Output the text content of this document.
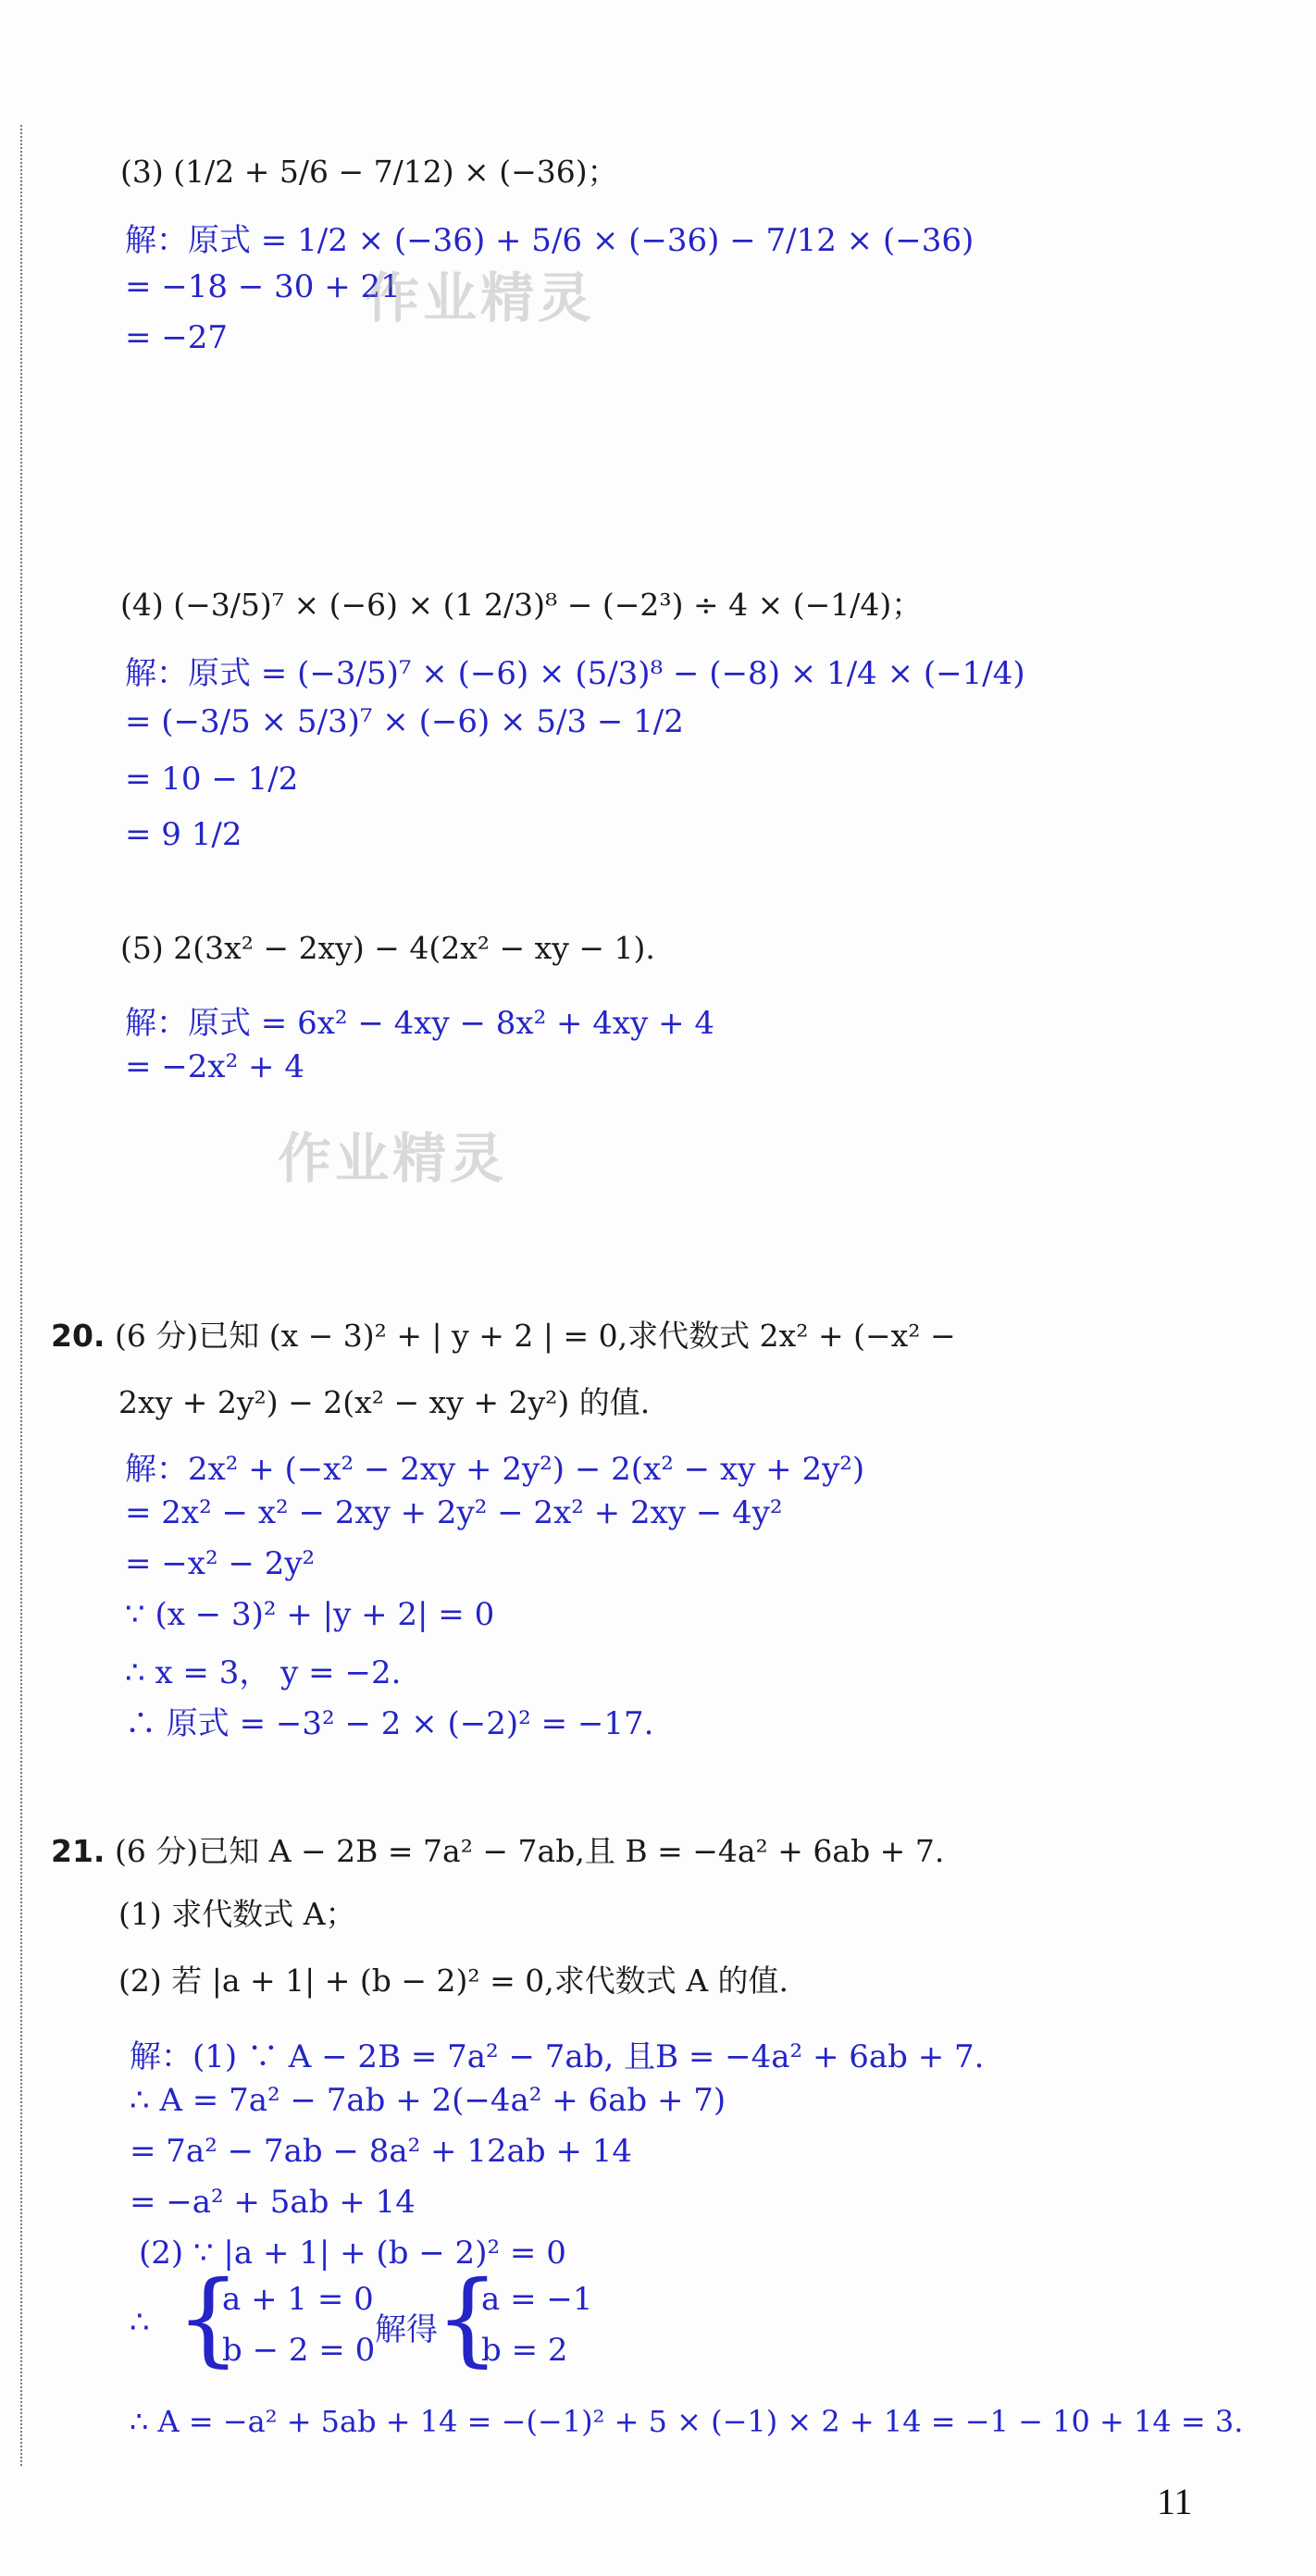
(3) (1/2 + 5/6 − 7/12) × (−36)；
解：原式 = 1/2 × (−36) + 5/6 × (−36) − 7/12 × (−36)
= −18 − 30 + 21
= −27
(4) (−3/5)⁷ × (−6) × (1 2/3)⁸ − (−2³) ÷ 4 × (−1/4)；
解：原式 = (−3/5)⁷ × (−6) × (5/3)⁸ − (−8) × 1/4 × (−1/4)
= (−3/5 × 5/3)⁷ × (−6) × 5/3 − 1/2
= 10 − 1/2
= 9 1/2
(5) 2(3x² − 2xy) − 4(2x² − xy − 1).
解：原式 = 6x² − 4xy − 8x² + 4xy + 4
= −2x² + 4
20. (6 分)已知 (x − 3)² + | y + 2 | = 0,求代数式 2x² + (−x² −
2xy + 2y²) − 2(x² − xy + 2y²) 的值.
解：2x² + (−x² − 2xy + 2y²) − 2(x² − xy + 2y²)
= 2x² − x² − 2xy + 2y² − 2x² + 2xy − 4y²
= −x² − 2y²
∵ (x − 3)² + |y + 2| = 0
∴ x = 3， y = −2.
∴ 原式 = −3² − 2 × (−2)² = −17.
21. (6 分)已知 A − 2B = 7a² − 7ab,且 B = −4a² + 6ab + 7.
(1) 求代数式 A；
(2) 若 |a + 1| + (b − 2)² = 0,求代数式 A 的值.
解：(1) ∵ A − 2B = 7a² − 7ab, 且B = −4a² + 6ab + 7.
∴ A = 7a² − 7ab + 2(−4a² + 6ab + 7)
= 7a² − 7ab − 8a² + 12ab + 14
= −a² + 5ab + 14
(2) ∵ |a + 1| + (b − 2)² = 0
∴ {
a + 1 = 0
b − 2 = 0
解得
{
a = −1
b = 2
∴ A = −a² + 5ab + 14 = −(−1)² + 5 × (−1) × 2 + 14 = −1 − 10 + 14 = 3.
作业精灵
作业精灵
11
